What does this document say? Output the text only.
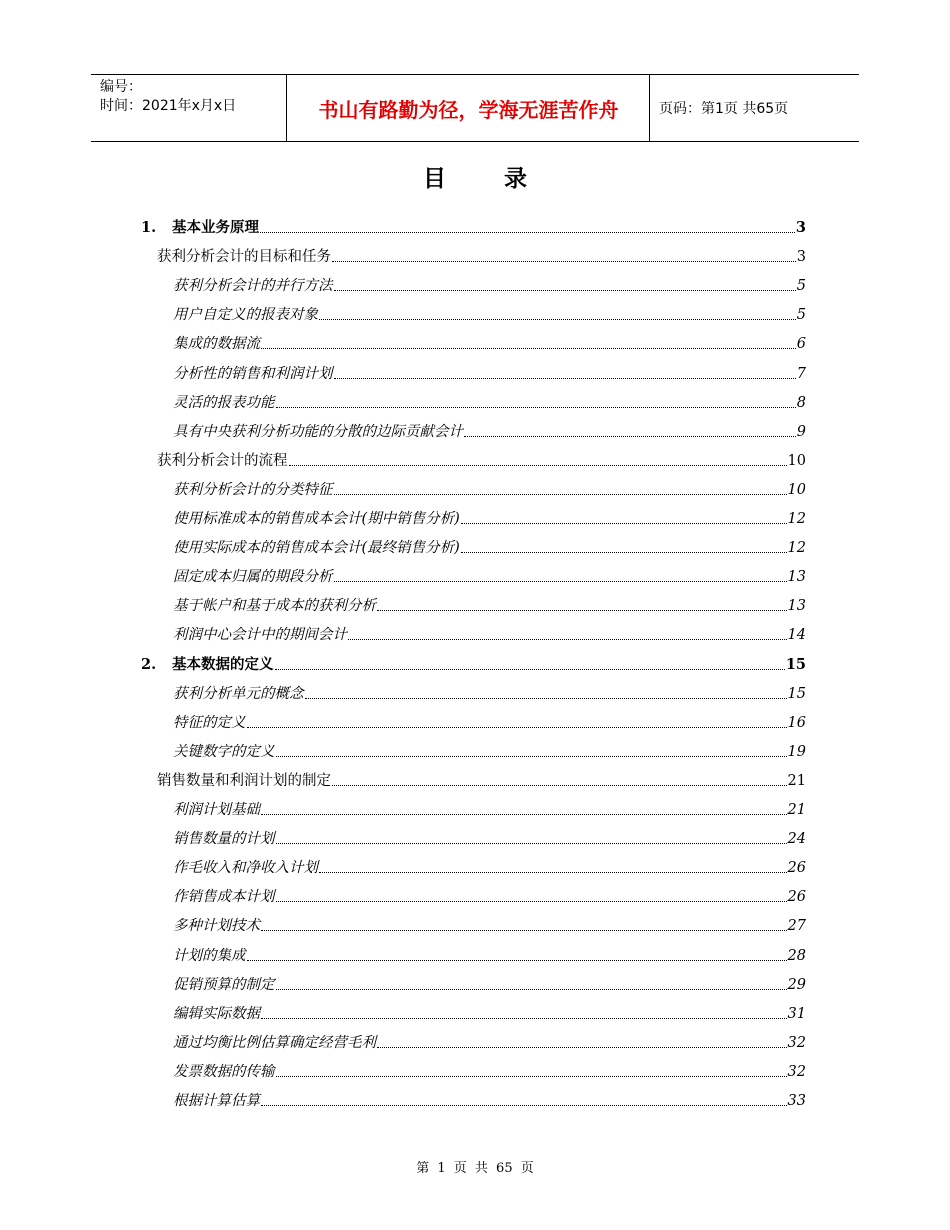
编号：
时间：2021年x月x日	书山有路勤为径，学海无涯苦作舟	页码：第1页 共65页
目录
1.	基本业务原理	3
获利分析会计的目标和任务	3
获利分析会计的并行方法	5
用户自定义的报表对象	5
集成的数据流	6
分析性的销售和利润计划	7
灵活的报表功能	8
具有中央获利分析功能的分散的边际贡献会计	9
获利分析会计的流程	10
获利分析会计的分类特征	10
使用标准成本的销售成本会计(期中销售分析)	12
使用实际成本的销售成本会计(最终销售分析)	12
固定成本归属的期段分析	13
基于帐户和基于成本的获利分析	13
利润中心会计中的期间会计	14
2.	基本数据的定义	15
获利分析单元的概念	15
特征的定义	16
关键数字的定义	19
销售数量和利润计划的制定	21
利润计划基础	21
销售数量的计划	24
作毛收入和净收入计划	26
作销售成本计划	26
多种计划技术	27
计划的集成	28
促销预算的制定	29
编辑实际数据	31
通过均衡比例估算确定经营毛利	32
发票数据的传输	32
根据计算估算	33
第 1 页 共 65 页
